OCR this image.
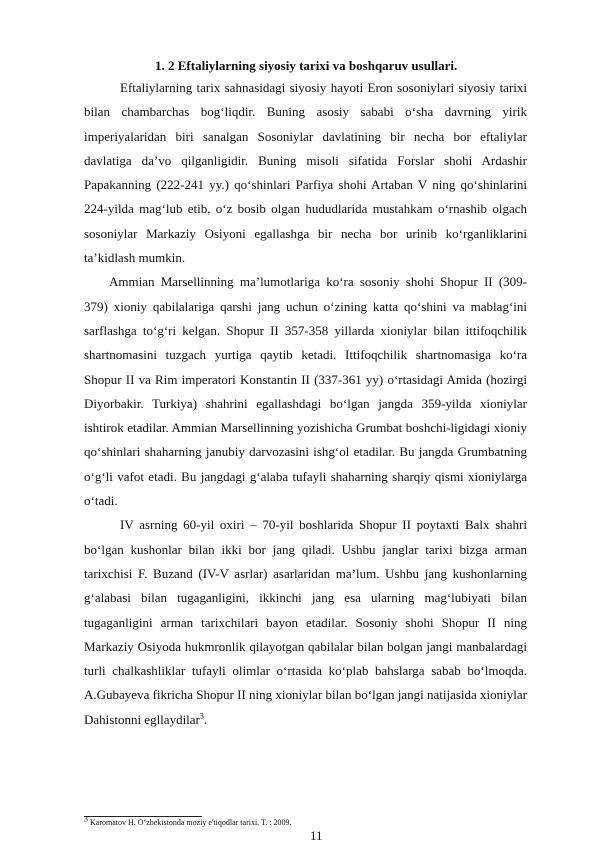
1. 2 Eftaliylarning siyosiy tarixi va boshqaruv usullari.

Eftaliylarning tarix sahnasidagi siyosiy hayoti Eron sosoniylari siyosiy tarixi bilan chambarchas bog‘liqdir. Buning asosiy sababi o‘sha davrning yirik imperiyalaridan biri sanalgan Sosoniylar davlatining bir necha bor eftaliylar davlatiga da’vo qilganligidir. Buning misoli sifatida Forslar shohi Ardashir Papakanning (222-241 yy.) qo‘shinlari Parfiya shohi Artaban V ning qo‘shinlarini 224-yilda mag‘lub etib, o‘z bosib olgan hududlarida mustahkam o‘rnashib olgach sosoniylar Markaziy Osiyoni egallashga bir necha bor urinib ko‘rganliklarini ta’kidlash mumkin.

Ammian Marsellinning ma’lumotlariga ko‘ra sosoniy shohi Shopur II (309-379) xioniy qabilalariga qarshi jang uchun o‘zining katta qo‘shini va mablag‘ini sarflashga to‘g‘ri kelgan. Shopur II 357-358 yillarda xioniylar bilan ittifoqchilik shartnomasini tuzgach yurtiga qaytib ketadi. Ittifoqchilik shartnomasiga ko‘ra Shopur II va Rim imperatori Konstantin II (337-361 yy) o‘rtasidagi Amida (hozirgi Diyorbakir. Turkiya) shahrini egallashdagi bo‘lgan jangda 359-yilda xioniylar ishtirok etadilar. Ammian Marsellinning yozishicha Grumbat boshchi-ligidagi xioniy qo‘shinlari shaharning janubiy darvozasini ishg‘ol etadilar. Bu jangda Grumbatning o‘g‘li vafot etadi. Bu jangdagi g‘alaba tufayli shaharning sharqiy qismi xioniylarga o‘tadi.

IV asrning 60-yil oxiri – 70-yil boshlarida Shopur II poytaxti Balx shahri bo‘lgan kushonlar bilan ikki bor jang qiladi. Ushbu janglar tarixi bizga arman tarixchisi F. Buzand (IV-V asrlar) asarlaridan ma’lum. Ushbu jang kushonlarning g‘alabasi bilan tugaganligini, ikkinchi jang esa ularning mag‘lubiyati bilan tugaganligini arman tarixchilari bayon etadilar. Sosoniy shohi Shopur II ning Markaziy Osiyoda hukmronlik qilayotgan qabilalar bilan bolgan jangi manbalardagi turli chalkashliklar tufayli olimlar o‘rtasida ko‘plab bahslarga sabab bo‘lmoqda. A.Gubayeva fikricha Shopur II ning xioniylar bilan bo‘lgan jangi natijasida xioniylar Dahistonni egllaydilar$^3$.

$^3$ Karomatov H. O‘zbekistonda moziy e'tiqodlar tarixi. T. : 2009.
11
